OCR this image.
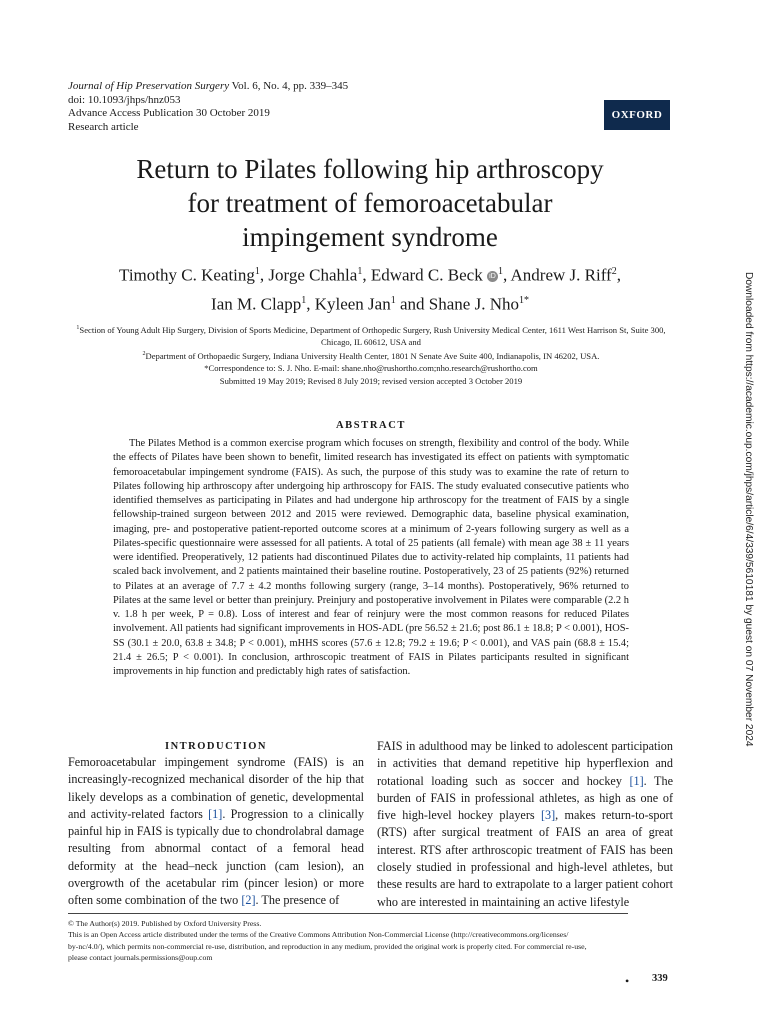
Journal of Hip Preservation Surgery Vol. 6, No. 4, pp. 339–345
doi: 10.1093/jhps/hnz053
Advance Access Publication 30 October 2019
Research article
OXFORD
Return to Pilates following hip arthroscopy
for treatment of femoroacetabular
impingement syndrome
Timothy C. Keating$^1$, Jorge Chahla$^1$, Edward C. Beck iD $^1$, Andrew J. Riff$^2$,
Ian M. Clapp$^1$, Kyleen Jan$^1$ and Shane J. Nho$^{1*}$
$^1$Section of Young Adult Hip Surgery, Division of Sports Medicine, Department of Orthopedic Surgery, Rush University Medical Center, 1611 West Harrison St, Suite 300, Chicago, IL 60612, USA and
$^2$Department of Orthopaedic Surgery, Indiana University Health Center, 1801 N Senate Ave Suite 400, Indianapolis, IN 46202, USA.
*Correspondence to: S. J. Nho. E-mail: shane.nho@rushortho.com;nho.research@rushortho.com
Submitted 19 May 2019; Revised 8 July 2019; revised version accepted 3 October 2019
ABSTRACT

The Pilates Method is a common exercise program which focuses on strength, flexibility and control of the body. While the effects of Pilates have been shown to benefit, limited research has investigated its effect on patients with symptomatic femoroacetabular impingement syndrome (FAIS). As such, the purpose of this study was to examine the rate of return to Pilates following hip arthroscopy after undergoing hip arthroscopy for FAIS. The study evaluated consecutive patients who identified themselves as participating in Pilates and had undergone hip arthroscopy for the treatment of FAIS by a single fellowship-trained surgeon between 2012 and 2015 were reviewed. Demographic data, baseline physical examination, imaging, pre- and postoperative patient-reported outcome scores at a minimum of 2-years following surgery as well as a Pilates-specific questionnaire were assessed for all patients. A total of 25 patients (all female) with mean age 38 ± 11 years were identified. Preoperatively, 12 patients had discontinued Pilates due to activity-related hip complaints, 11 patients had scaled back involvement, and 2 patients maintained their baseline routine. Postoperatively, 23 of 25 patients (92%) returned to Pilates at an average of 7.7 ± 4.2 months following surgery (range, 3–14 months). Postoperatively, 96% returned to Pilates at the same level or better than preinjury. Preinjury and postoperative involvement in Pilates were comparable (2.2 h v. 1.8 h per week, P = 0.8). Loss of interest and fear of reinjury were the most common reasons for reduced Pilates involvement. All patients had significant improvements in HOS-ADL (pre 56.52 ± 21.6; post 86.1 ± 18.8; P < 0.001), HOS-SS (30.1 ± 20.0, 63.8 ± 34.8; P < 0.001), mHHS scores (57.6 ± 12.8; 79.2 ± 19.6; P < 0.001), and VAS pain (68.8 ± 15.4; 21.4 ± 26.5; P < 0.001). In conclusion, arthroscopic treatment of FAIS in Pilates participants resulted in significant improvements in hip function and predictably high rates of satisfaction.

INTRODUCTION

Femoroacetabular impingement syndrome (FAIS) is an increasingly-recognized mechanical disorder of the hip that likely develops as a combination of genetic, developmental and activity-related factors [1]. Progression to a clinically painful hip in FAIS is typically due to chondrolabral damage resulting from abnormal contact of a femoral head deformity at the head–neck junction (cam lesion), an overgrowth of the acetabular rim (pincer lesion) or more often some combination of the two [2]. The presence of

FAIS in adulthood may be linked to adolescent participation in activities that demand repetitive hip hyperflexion and rotational loading such as soccer and hockey [1]. The burden of FAIS in professional athletes, as high as one of five high-level hockey players [3], makes return-to-sport (RTS) after surgical treatment of FAIS an area of great interest. RTS after arthroscopic treatment of FAIS has been closely studied in professional and high-level athletes, but these results are hard to extrapolate to a larger patient cohort who are interested in maintaining an active lifestyle

© The Author(s) 2019. Published by Oxford University Press.
This is an Open Access article distributed under the terms of the Creative Commons Attribution Non-Commercial License (http://creativecommons.org/licenses/
by-nc/4.0/), which permits non-commercial re-use, distribution, and reproduction in any medium, provided the original work is properly cited. For commercial re-use,
please contact journals.permissions@oup.com
• 339
Downloaded from https://academic.oup.com/jhps/article/6/4/339/5610181 by guest on 07 November 2024
